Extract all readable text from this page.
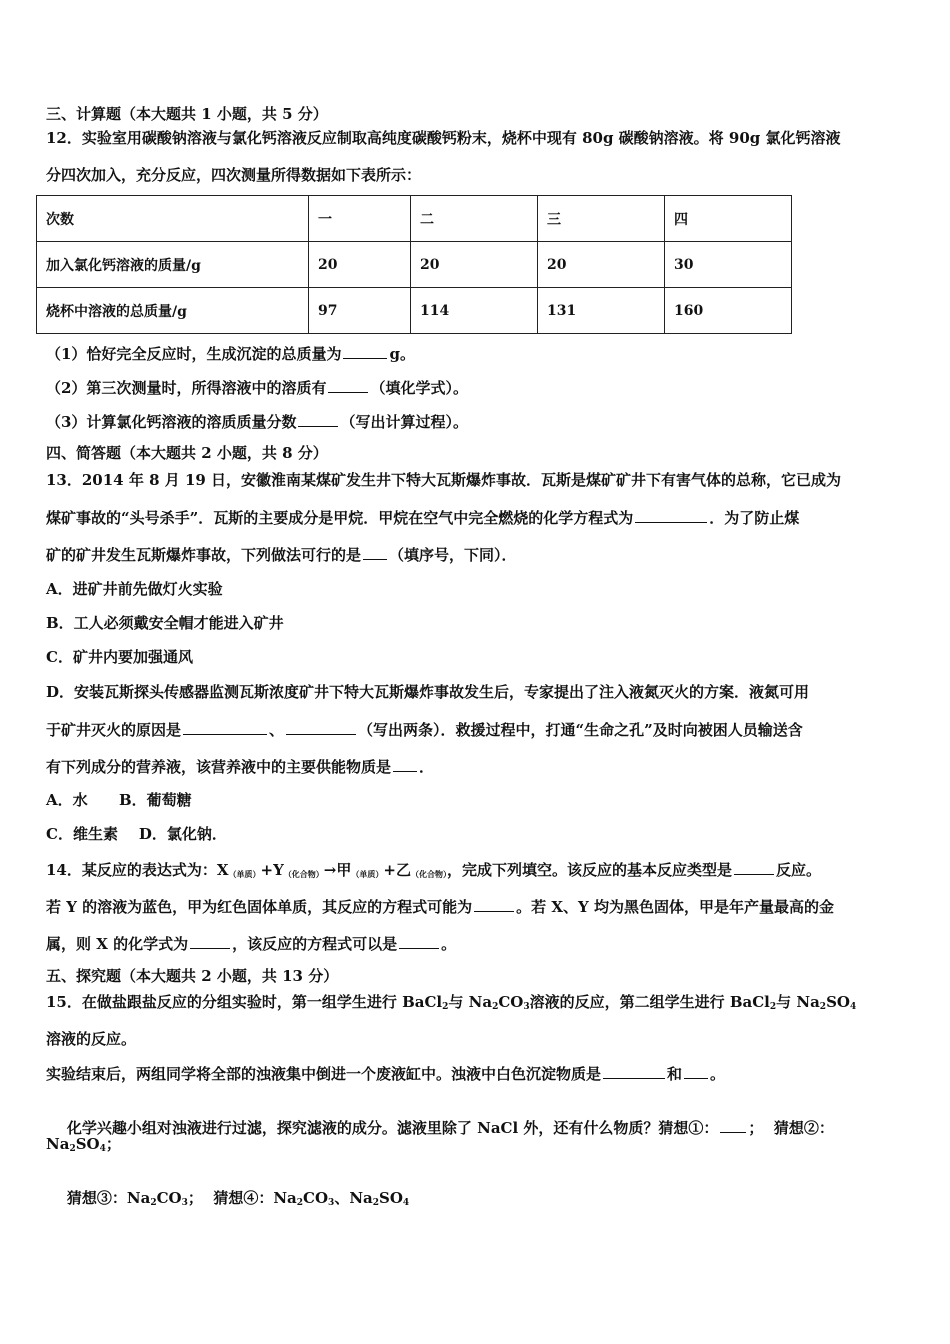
三、计算题（本大题共 1 小题，共 5 分）
12．实验室用碳酸钠溶液与氯化钙溶液反应制取高纯度碳酸钙粉末，烧杯中现有 80g 碳酸钠溶液。将 90g 氯化钙溶液
分四次加入，充分反应，四次测量所得数据如下表所示：
次数	一	二	三	四
加入氯化钙溶液的质量/g	20	20	20	30
烧杯中溶液的总质量/g	97	114	131	160
（1）恰好完全反应时，生成沉淀的总质量为	g。
（2）第三次测量时，所得溶液中的溶质有	（填化学式）。
（3）计算氯化钙溶液的溶质质量分数	（写出计算过程）。
四、简答题（本大题共 2 小题，共 8 分）
13．2014 年 8 月 19 日，安徽淮南某煤矿发生井下特大瓦斯爆炸事故．瓦斯是煤矿矿井下有害气体的总称，它已成为
煤矿事故的“头号杀手”．瓦斯的主要成分是甲烷．甲烷在空气中完全燃烧的化学方程式为	．为了防止煤
矿的矿井发生瓦斯爆炸事故，下列做法可行的是 （填序号，下同）．
A．进矿井前先做灯火实验
B．工人必须戴安全帽才能进入矿井
C．矿井内要加强通风
D．安装瓦斯探头传感器监测瓦斯浓度矿井下特大瓦斯爆炸事故发生后，专家提出了注入液氮灭火的方案．液氮可用
于矿井灭火的原因是	、	（写出两条）．救援过程中，打通“生命之孔”及时向被困人员输送含
有下列成分的营养液，该营养液中的主要供能物质是 ．
A．水      B．葡萄糖
C．维生素    D．氯化钠．
14．某反应的表达式为：X（单质）+Y（化合物）→甲（单质）+乙（化合物），完成下列填空。该反应的基本反应类型是	反应。
若 Y 的溶液为蓝色，甲为红色固体单质，其反应的方程式可能为	。若 X、Y 均为黑色固体，甲是年产量最高的金
属，则 X 的化学式为	，该反应的方程式可以是	。
五、探究题（本大题共 2 小题，共 13 分）
15．在做盐跟盐反应的分组实验时，第一组学生进行 BaCl$_2$与 $Na_2CO_3$溶液的反应，第二组学生进行 BaCl$_2$与 $Na_2SO_4$
溶液的反应。
实验结束后，两组同学将全部的浊液集中倒进一个废液缸中。浊液中白色沉淀物质是	和 。

化学兴趣小组对浊液进行过滤，探究滤液的成分。滤液里除了 NaCl 外，还有什么物质？猜想①： ；  猜想②：

$Na_2SO_4$；

猜想③：$Na_2CO_3$；  猜想④：$Na_2CO_3$、$Na_2SO_4$
